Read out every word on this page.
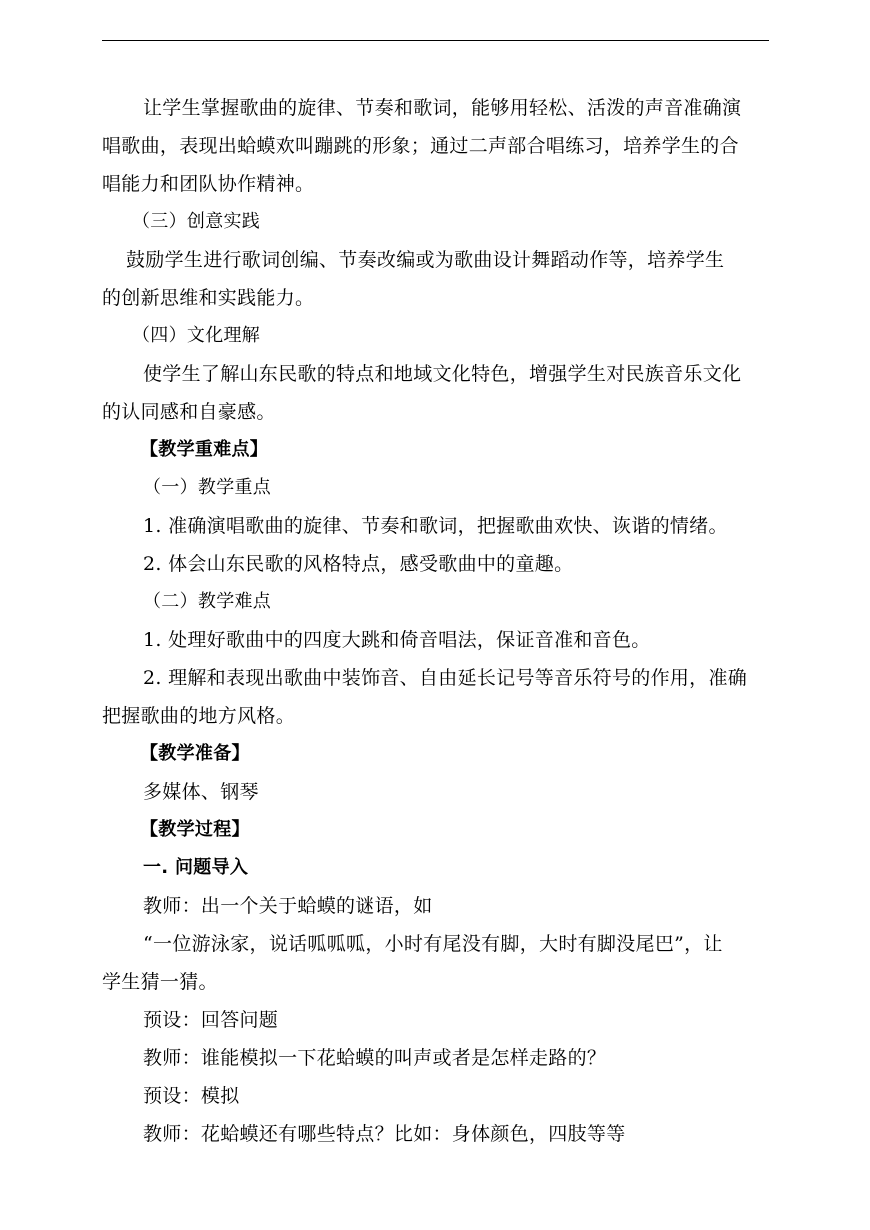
让学生掌握歌曲的旋律、节奏和歌词，能够用轻松、活泼的声音准确演
唱歌曲，表现出蛤蟆欢叫蹦跳的形象；通过二声部合唱练习，培养学生的合
唱能力和团队协作精神。
（三）创意实践
鼓励学生进行歌词创编、节奏改编或为歌曲设计舞蹈动作等，培养学生
的创新思维和实践能力。
（四）文化理解
使学生了解山东民歌的特点和地域文化特色，增强学生对民族音乐文化
的认同感和自豪感。
【教学重难点】
（一）教学重点
1. 准确演唱歌曲的旋律、节奏和歌词，把握歌曲欢快、诙谐的情绪。
2. 体会山东民歌的风格特点，感受歌曲中的童趣。
（二）教学难点
1. 处理好歌曲中的四度大跳和倚音唱法，保证音准和音色。
2. 理解和表现出歌曲中装饰音、自由延长记号等音乐符号的作用，准确
把握歌曲的地方风格。
【教学准备】
多媒体、钢琴
【教学过程】
一. 问题导入
教师：出一个关于蛤蟆的谜语，如
“一位游泳家，说话呱呱呱，小时有尾没有脚，大时有脚没尾巴”，让
学生猜一猜。
预设：回答问题
教师：谁能模拟一下花蛤蟆的叫声或者是怎样走路的？
预设：模拟
教师：花蛤蟆还有哪些特点？比如：身体颜色，四肢等等
